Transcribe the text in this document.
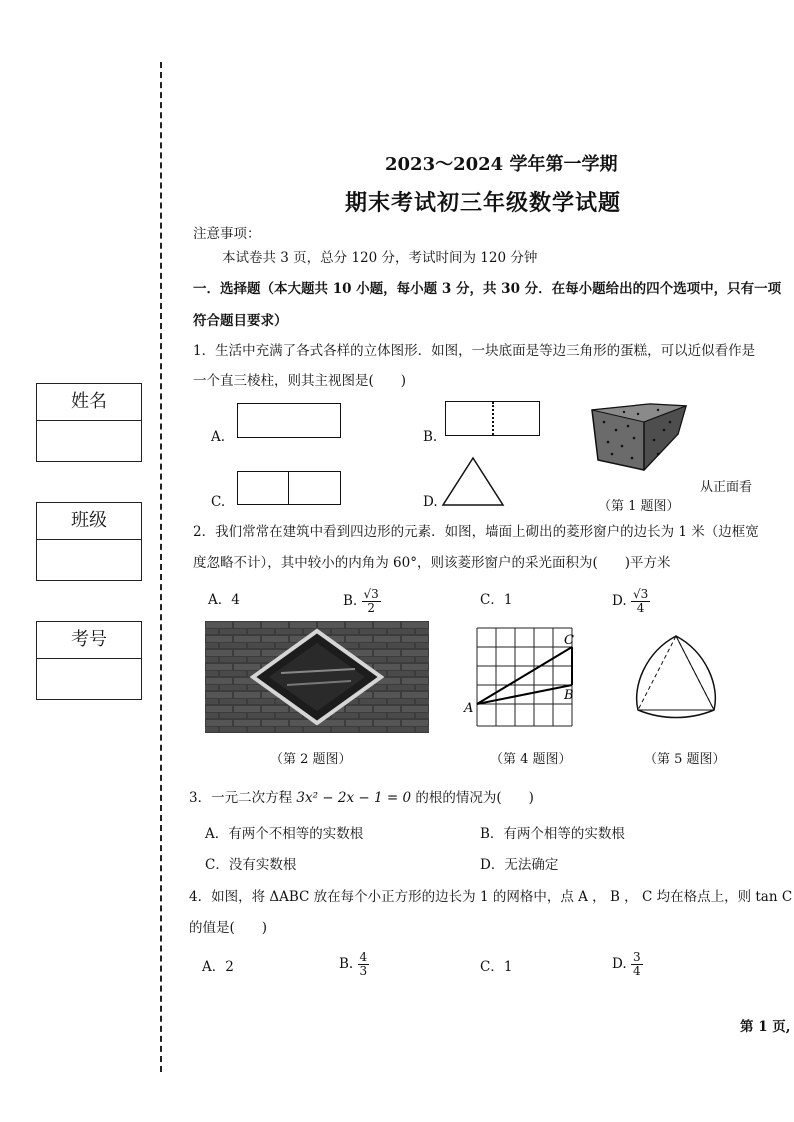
姓名
班级
考号
2023～2024 学年第一学期
期末考试初三年级数学试题
注意事项：
本试卷共 3 页，总分 120 分，考试时间为 120 分钟
一．选择题（本大题共 10 小题，每小题 3 分，共 30 分．在每小题给出的四个选项中，只有一项
符合题目要求）
1．生活中充满了各式各样的立体图形．如图，一块底面是等边三角形的蛋糕，可以近似看作是
一个直三棱柱，则其主视图是(　　)
A.	B.
C.	D.
从正面看
（第 1 题图）
2．我们常常在建筑中看到四边形的元素．如图，墙面上砌出的菱形窗户的边长为 1 米（边框宽
度忽略不计），其中较小的内角为 60°，则该菱形窗户的采光面积为(　　)平方米
A．4	B. $\frac{√3}{2}$	C．1	D. $\frac{√3}{4}$
（第 2 题图）
A
B
C
（第 4 题图）	（第 5 题图）
3．一元二次方程 3x² − 2x − 1 = 0 的根的情况为(　　)
A．有两个不相等的实数根	B．有两个相等的实数根
C．没有实数根	D．无法确定
4．如图，将 ΔABC 放在每个小正方形的边长为 1 的网格中，点 A ， B ， C 均在格点上，则 tan C
的值是(　　)
A．2	B. $\frac{4}{3}$	C．1	D. $\frac{3}{4}$
第 1 页,
